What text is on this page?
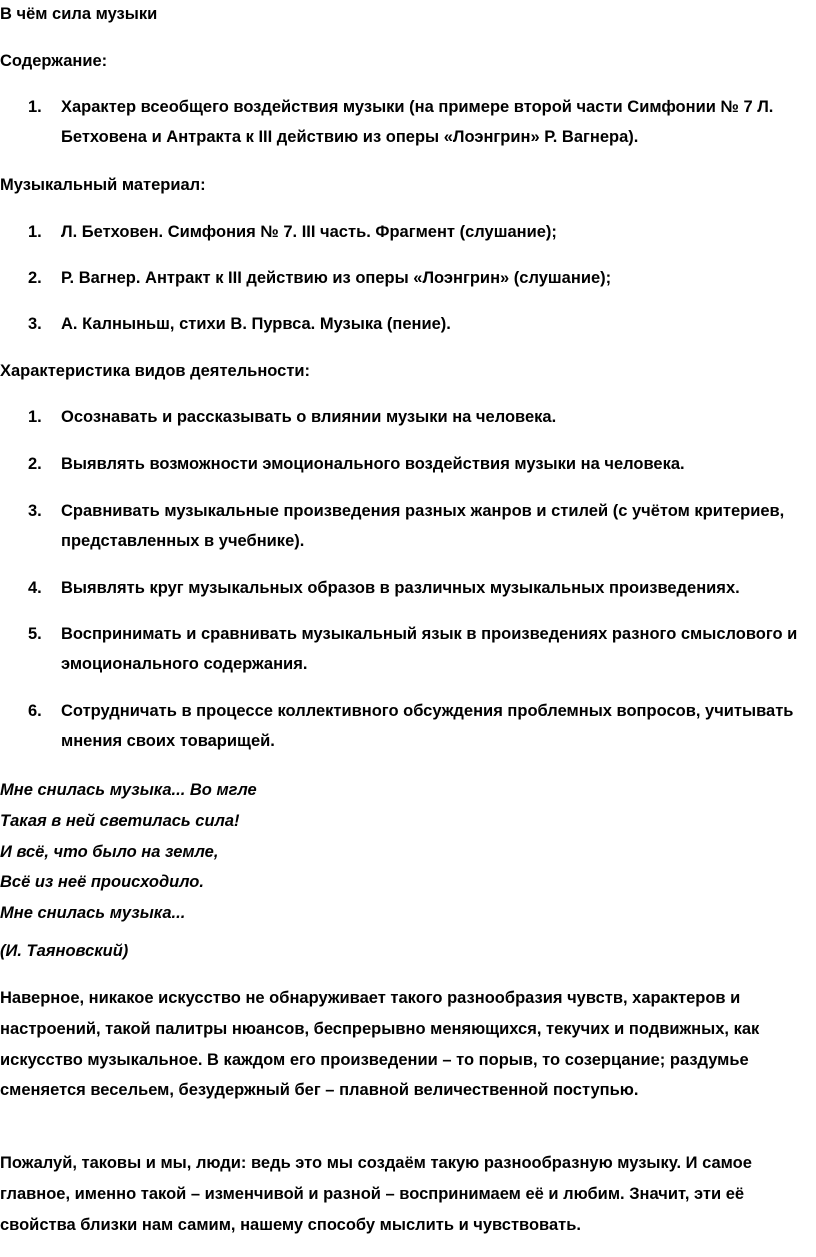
В чём сила музыки
Содержание:
1. Характер всеобщего воздействия музыки (на примере второй части Симфонии № 7 Л. Бетховена и Антракта к III действию из оперы «Лоэнгрин» Р. Вагнера).
Музыкальный материал:
1. Л. Бетховен. Симфония № 7. III часть. Фрагмент (слушание);
2. Р. Вагнер. Антракт к III действию из оперы «Лоэнгрин» (слушание);
3. А. Калныньш, стихи В. Пурвса. Музыка (пение).
Характеристика видов деятельности:
1. Осознавать и рассказывать о влиянии музыки на человека.
2. Выявлять возможности эмоционального воздействия музыки на человека.
3. Сравнивать музыкальные произведения разных жанров и стилей (с учётом критериев, представленных в учебнике).
4. Выявлять круг музыкальных образов в различных музыкальных произведениях.
5. Воспринимать и сравнивать музыкальный язык в произведениях разного смыслового и эмоционального содержания.
6. Сотрудничать в процессе коллективного обсуждения проблемных вопросов, учитывать мнения своих товарищей.
Мне снилась музыка... Во мгле
Такая в ней светилась сила!
И всё, что было на земле,
Всё из неё происходило.
Мне снилась музыка...
(И. Таяновский)
Наверное, никакое искусство не обнаруживает такого разнообразия чувств, характеров и настроений, такой палитры нюансов, беспрерывно меняющихся, текучих и подвижных, как искусство музыкальное. В каждом его произведении – то порыв, то созерцание; раздумье сменяется весельем, безудержный бег – плавной величественной поступью.
Пожалуй, таковы и мы, люди: ведь это мы создаём такую разнообразную музыку. И самое главное, именно такой – изменчивой и разной – воспринимаем её и любим. Значит, эти её свойства близки нам самим, нашему способу мыслить и чувствовать.
